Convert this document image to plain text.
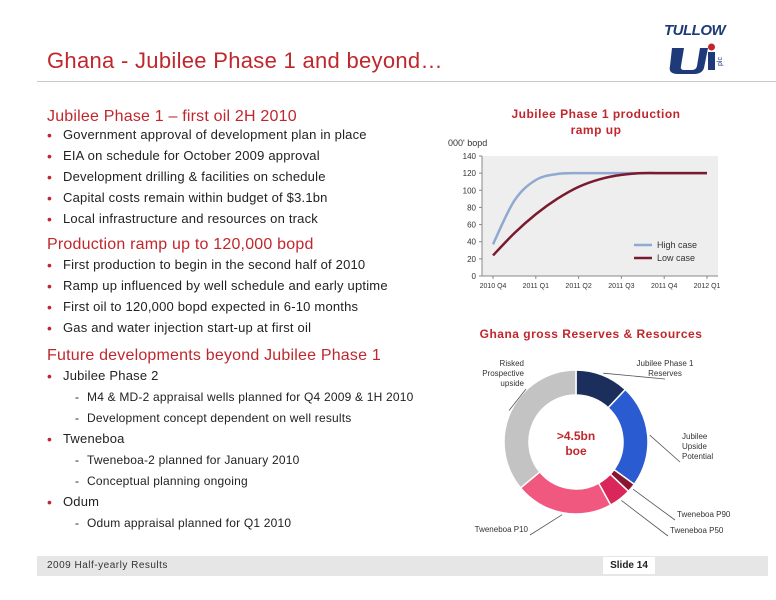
Ghana - Jubilee Phase 1 and beyond…
TULLOW
plc
Jubilee Phase 1 – first oil 2H 2010
• Government approval of development plan in place
• EIA on schedule for October 2009 approval
• Development drilling & facilities on schedule
• Capital costs remain within budget of $3.1bn
• Local infrastructure and resources on track
Production ramp up to 120,000 bopd
• First production to begin in the second half of 2010
• Ramp up influenced by well schedule and early uptime
• First oil to 120,000 bopd expected in 6-10 months
• Gas and water injection start-up at first oil
Future developments beyond Jubilee Phase 1
• Jubilee Phase 2
- M4 & MD-2 appraisal wells planned for Q4 2009 & 1H 2010
- Development concept dependent on well results
• Tweneboa
- Tweneboa-2 planned for January 2010
- Conceptual planning ongoing
• Odum
- Odum appraisal planned for Q1 2010
Jubilee Phase 1 production ramp up
000' bopd
0
20
40
60
80
100
120
140
2010 Q4 2011 Q1 2011 Q2 2011 Q3 2011 Q4 2012 Q1
High case
Low case
Ghana gross Reserves & Resources
>4.5bn
boe
Jubilee Phase 1 Reserves
Jubilee Upside Potential
Tweneboa P90
Tweneboa P50
Tweneboa P10
Risked Prospective upside
2009 Half-yearly Results	Slide 14
